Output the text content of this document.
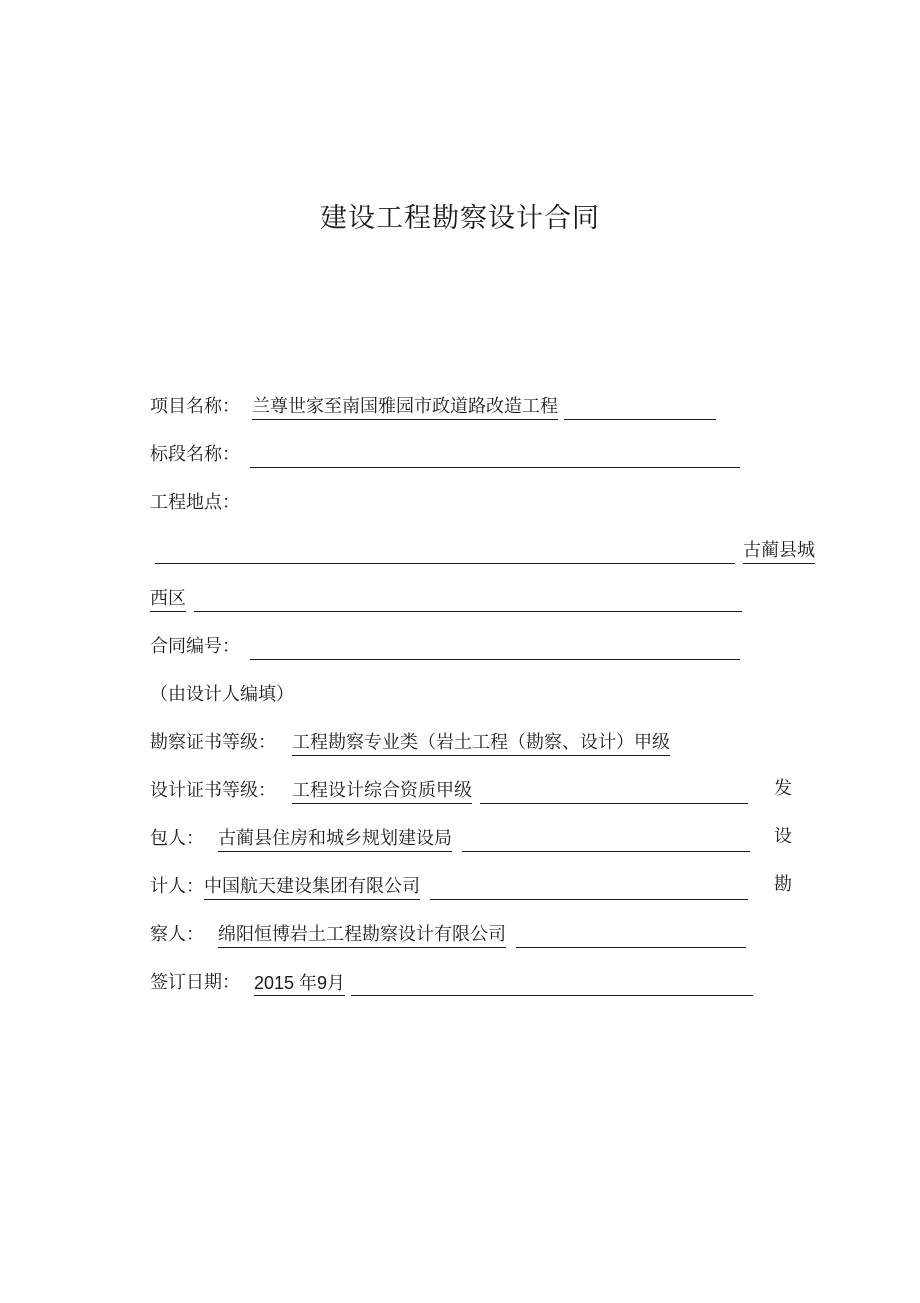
建设工程勘察设计合同
项目名称： 兰尊世家至南国雅园市政道路改造工程
标段名称：
工程地点：
古蔺县城
西区
合同编号：
（由设计人编填）
勘察证书等级： 工程勘察专业类（岩土工程（勘察、设计）甲级
设计证书等级： 工程设计综合资质甲级	发
包人： 古蔺县住房和城乡规划建设局	设
计人： 中国航天建设集团有限公司	勘
察人： 绵阳恒博岩土工程勘察设计有限公司
签订日期： 2015 年9月
